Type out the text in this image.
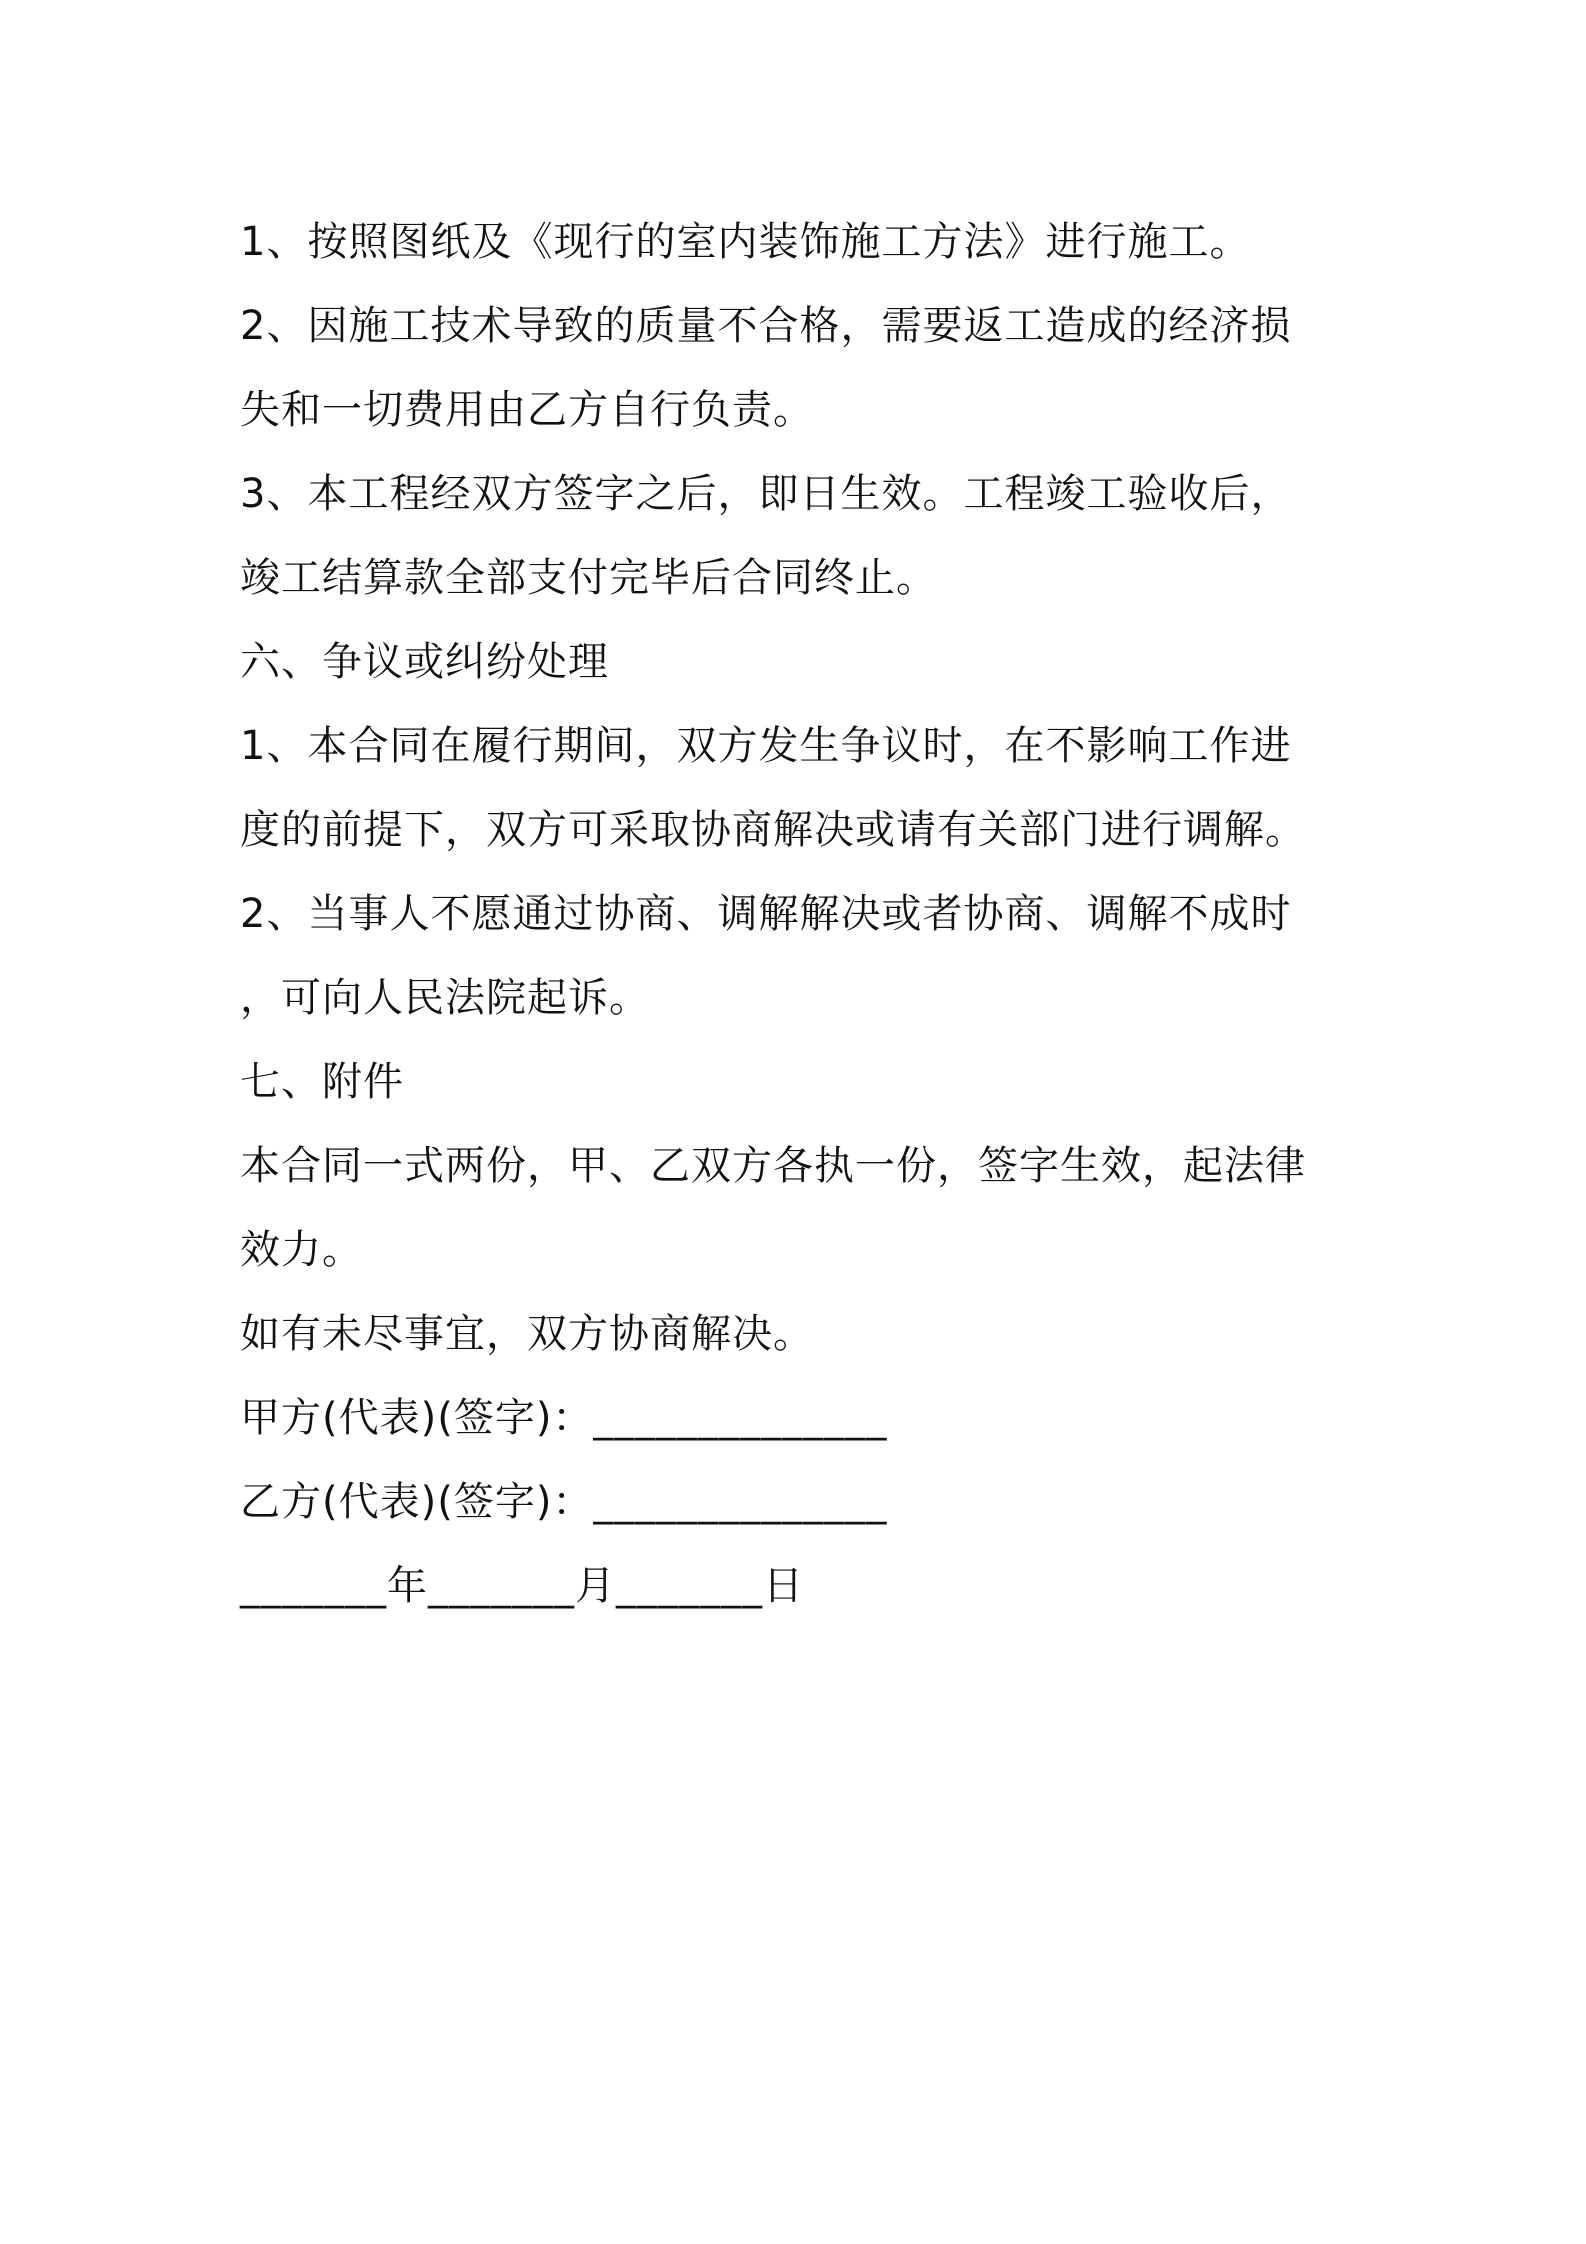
1、按照图纸及《现行的室内装饰施工方法》进行施工。
2、因施工技术导致的质量不合格，需要返工造成的经济损
失和一切费用由乙方自行负责。
3、本工程经双方签字之后，即日生效。工程竣工验收后，
竣工结算款全部支付完毕后合同终止。
六、争议或纠纷处理
1、本合同在履行期间，双方发生争议时，在不影响工作进
度的前提下，双方可采取协商解决或请有关部门进行调解。
2、当事人不愿通过协商、调解解决或者协商、调解不成时
，可向人民法院起诉。
七、附件
本合同一式两份，甲、乙双方各执一份，签字生效，起法律
效力。
如有未尽事宜，双方协商解决。
甲方(代表)(签字)：______________
乙方(代表)(签字)：______________
_______年_______月_______日
